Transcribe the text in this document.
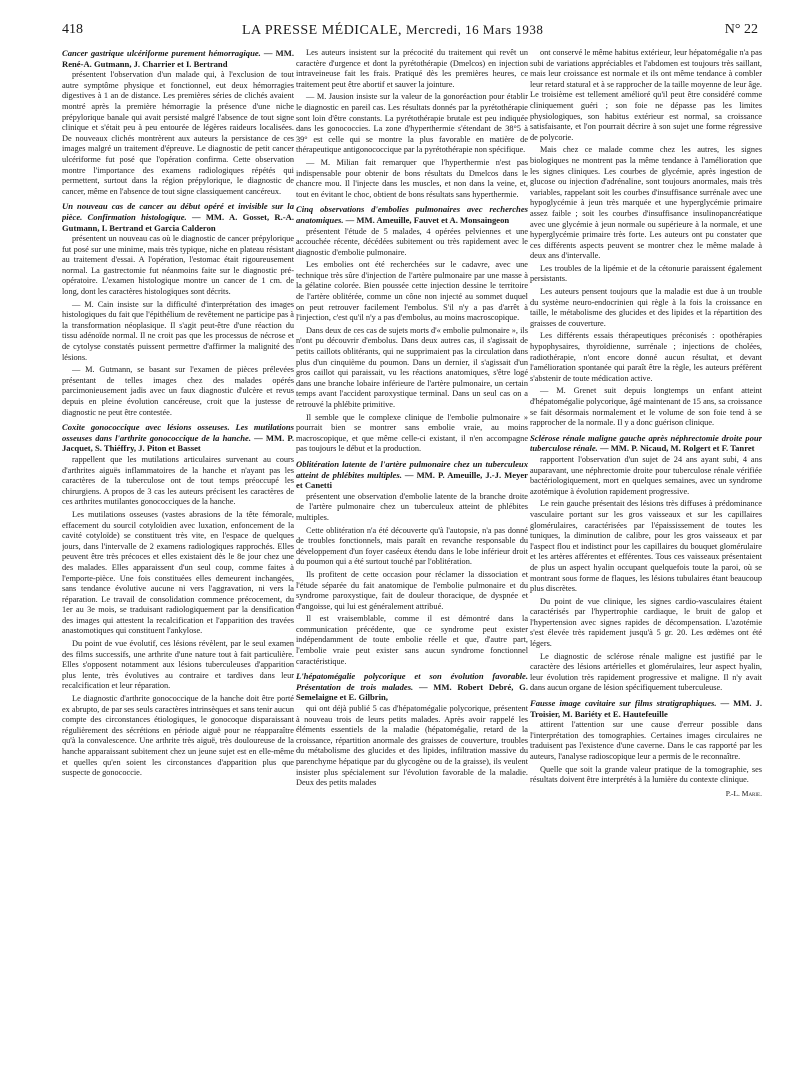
418	LA PRESSE MÉDICALE, Mercredi, 16 Mars 1938	N° 22
Cancer gastrique ulcériforme purement hémorragique. — MM. René-A. Gutmann, J. Charrier et I. Bertrand

présentent l'observation d'un malade qui, à l'exclusion de tout autre symptôme physique et fonctionnel, eut deux hémorragies digestives à 1 an de distance. Les premières séries de clichés avaient montré après la première hémorragie la présence d'une niche prépylorique banale qui avait persisté malgré l'absence de tout signe clinique et s'était peu à peu entourée de légères raideurs localisées. De nouveaux clichés montrèrent aux auteurs la persistance de ces images malgré un traitement d'épreuve. Le diagnostic de petit cancer ulcériforme fut posé que l'opération confirma. Cette observation montre l'importance des examens radiologiques répétés qui permettent, surtout dans la région prépylorique, le diagnostic de cancer, même en l'absence de tout signe classiquement cancéreux.

Un nouveau cas de cancer au début opéré et invisible sur la pièce. Confirmation histologique. — MM. A. Gosset, R.-A. Gutmann, I. Bertrand et Garcia Calderon

présentent un nouveau cas où le diagnostic de cancer prépylorique fut posé sur une minime, mais très typique, niche en plateau résistant au traitement d'essai. A l'opération, l'estomac était rigoureusement normal. La gastrectomie fut néanmoins faite sur le diagnostic pré-opératoire. L'examen histologique montre un cancer de 1 cm. de long, dont les caractères histologiques sont décrits.

— M. Cain insiste sur la difficulté d'interprétation des images histologiques du fait que l'épithélium de revêtement ne participe pas à la transformation néoplasique. Il s'agit peut-être d'une réaction du tissu adénoïde normal. Il ne croit pas que les processus de nécrose et de cytolyse constatés puissent permettre d'affirmer la malignité des lésions.

— M. Gutmann, se basant sur l'examen de pièces prélevées présentant de telles images chez des malades opérés parcimonieusement jadis avec un faux diagnostic d'ulcère et revus depuis en pleine évolution cancéreuse, croit que la justesse de diagnostic ne peut être contestée.

Coxite gonococcique avec lésions osseuses. Les mutilations osseuses dans l'arthrite gonococcique de la hanche. — MM. P. Jacquet, S. Thiéffry, J. Piton et Basset

rappellent que les mutilations articulaires survenant au cours d'arthrites aiguës inflammatoires de la hanche et n'ayant pas les caractères de la tuberculose ont de tout temps préoccupé les chirurgiens. A propos de 3 cas les auteurs précisent les caractères de ces arthrites mutilantes gonococciques de la hanche.

Les mutilations osseuses (vastes abrasions de la tête fémorale, effacement du sourcil cotyloïdien avec luxation, enfoncement de la cavité cotyloïde) se constituent très vite, en l'espace de quelques jours, dans l'intervalle de 2 examens radiologiques rapprochés. Elles peuvent être très précoces et elles existaient dès le 8e jour chez une des malades. Elles apparaissent d'un seul coup, comme faites à l'emporte-pièce. Une fois constituées elles demeurent inchangées, sans tendance évolutive aucune ni vers l'aggravation, ni vers la réparation. Le travail de consolidation commence précocement, du 1er au 3e mois, se traduisant radiologiquement par la densification des images qui attestent la recalcification et l'apparition des travées anastomotiques qui constituent l'ankylose.

Du point de vue évolutif, ces lésions révèlent, par le seul examen des films successifs, une arthrite d'une nature tout à fait particulière. Elles s'opposent notamment aux lésions tuberculeuses d'apparition plus lente, très évolutives au contraire et tardives dans leur recalcification et leur réparation.

Le diagnostic d'arthrite gonococcique de la hanche doit être porté ex abrupto, de par ses seuls caractères intrinsèques et sans tenir aucun compte des circonstances étiologiques, le gonocoque disparaissant régulièrement des sécrétions en période aiguë pour ne réapparaître qu'à la convalescence. Une arthrite très aiguë, très douloureuse de la hanche apparaissant subitement chez un jeune sujet est en elle-même et quelles qu'en soient les circonstances d'apparition plus que suspecte de gonococcie.

Les auteurs insistent sur la précocité du traitement qui revêt un caractère d'urgence et dont la pyrétothérapie (Dmelcos) en injection intraveineuse fait les frais. Pratiqué dès les premières heures, ce traitement peut être abortif et sauver la jointure.

— M. Jausion insiste sur la valeur de la gonoréaction pour établir le diagnostic en pareil cas. Les résultats donnés par la pyrétothérapie sont loin d'être constants. La pyrétothérapie brutale est peu indiquée dans les gonococcies. La zone d'hyperthermie s'étendant de 38°5 à 39° est celle qui se montre la plus favorable en matière de thérapeutique antigonococcique par la pyrétothérapie non spécifique.

— M. Milian fait remarquer que l'hyperthermie n'est pas indispensable pour obtenir de bons résultats du Dmelcos dans le chancre mou. Il l'injecte dans les muscles, et non dans la veine, et, tout en évitant le choc, obtient de bons résultats sans hyperthermie.

Cinq observations d'embolies pulmonaires avec recherches anatomiques. — MM. Ameuille, Fauvet et A. Monsaingeon

présentent l'étude de 5 malades, 4 opérées pelviennes et une accouchée récente, décédées subitement ou très rapidement avec le diagnostic d'embolie pulmonaire.

Les embolies ont été recherchées sur le cadavre, avec une technique très sûre d'injection de l'artère pulmonaire par une masse à la gélatine colorée. Bien poussée cette injection dessine le territoire de l'artère oblitérée, comme un cône non injecté au sommet duquel on peut retrouver facilement l'embolus. S'il n'y a pas d'arrêt à l'injection, c'est qu'il n'y a pas d'embolus, au moins macroscopique.

Dans deux de ces cas de sujets morts d'« embolie pulmonaire », ils n'ont pu découvrir d'embolus. Dans deux autres cas, il s'agissait de petits caillots oblitérants, qui ne supprimaient pas la circulation dans plus d'un cinquième du poumon. Dans un dernier, il s'agissait d'un gros caillot qui paraissait, vu les réactions anatomiques, s'être logé dans une branche lobaire inférieure de l'artère pulmonaire, un certain temps avant l'accident paroxystique terminal. Dans un seul cas on a retrouvé la phlébite primitive.

Il semble que le complexe clinique de l'embolie pulmonaire » pourrait bien se montrer sans embolie vraie, au moins macroscopique, et que même celle-ci existant, il n'en accompagne pas toujours le début et la production.

Oblitération latente de l'artère pulmonaire chez un tuberculeux atteint de phlébites multiples. — MM. P. Ameuille, J.-J. Meyer et Canetti

présentent une observation d'embolie latente de la branche droite de l'artère pulmonaire chez un tuberculeux atteint de phlébites multiples.

Cette oblitération n'a été découverte qu'à l'autopsie, n'a pas donné de troubles fonctionnels, mais paraît en revanche responsable du développement d'un foyer caséeux étendu dans le lobe inférieur droit du poumon qui a été surtout touché par l'oblitération.

Ils profitent de cette occasion pour réclamer la dissociation et l'étude séparée du fait anatomique de l'embolie pulmonaire et du syndrome paroxystique, fait de douleur thoracique, de dyspnée et d'angoisse, qui lui est généralement attribué.

Il est vraisemblable, comme il est démontré dans la communication précédente, que ce syndrome peut exister indépendamment de toute embolie réelle et que, d'autre part, l'embolie vraie peut exister sans aucun syndrome fonctionnel caractéristique.

L'hépatomégalie polycorique et son évolution favorable. Présentation de trois malades. — MM. Robert Debré, G. Semelaigne et E. Gilbrin,

qui ont déjà publié 5 cas d'hépatomégalie polycorique, présentent à nouveau trois de leurs petits malades. Après avoir rappelé les éléments essentiels de la maladie (hépatomégalie, retard de la croissance, répartition anormale des graisses de couverture, troubles du métabolisme des glucides et des lipides, infiltration massive du parenchyme hépatique par du glycogène ou de la graisse), ils veulent insister plus spécialement sur l'évolution favorable de la maladie. Deux des petits malades

ont conservé le même habitus extérieur, leur hépatomégalie n'a pas subi de variations appréciables et l'abdomen est toujours très saillant, mais leur croissance est normale et ils ont même tendance à combler leur retard statural et à se rapprocher de la taille moyenne de leur âge. Le troisième est tellement amélioré qu'il peut être considéré comme cliniquement guéri ; son foie ne dépasse pas les limites physiologiques, son habitus extérieur est normal, sa croissance satisfaisante, et l'on pourrait décrire à son sujet une forme régressive de polycorie.

Mais chez ce malade comme chez les autres, les signes biologiques ne montrent pas la même tendance à l'amélioration que les signes cliniques. Les courbes de glycémie, après ingestion de glucose ou injection d'adrénaline, sont toujours anormales, mais très variables, rappelant soit les courbes d'insuffisance surrénale avec une hypoglycémie à jeun très marquée et une hyperglycémie primaire assez faible ; soit les courbes d'insuffisance insulinopancréatique avec une glycémie à jeun normale ou supérieure à la normale, et une hyperglycémie primaire très forte. Les auteurs ont pu constater que ces différents aspects peuvent se montrer chez le même malade à deux ans d'intervalle.

Les troubles de la lipémie et de la cétonurie paraissent également persistants.

Les auteurs pensent toujours que la maladie est due à un trouble du système neuro-endocrinien qui règle à la fois la croissance en taille, le métabolisme des glucides et des lipides et la répartition des graisses de couverture.

Les différents essais thérapeutiques préconisés : opothérapies hypophysaires, thyroïdienne, surrénale ; injections de cholées, radiothérapie, n'ont encore donné aucun résultat, et devant l'amélioration spontanée qui paraît être la règle, les auteurs préfèrent s'abstenir de toute médication active.

— M. Grenet suit depuis longtemps un enfant atteint d'hépatomégalie polycorique, âgé maintenant de 15 ans, sa croissance se fait désormais normalement et le volume de son foie tend à se rapprocher de la normale. Il y a donc guérison clinique.

Sclérose rénale maligne gauche après néphrectomie droite pour tuberculose rénale. — MM. P. Nicaud, M. Rolgert et F. Tanret

rapportent l'observation d'un sujet de 24 ans ayant subi, 4 ans auparavant, une néphrectomie droite pour tuberculose rénale vérifiée bactériologiquement, mort en quelques semaines, avec un syndrome azotémique à évolution rapidement progressive.

Le rein gauche présentait des lésions très diffuses à prédominance vasculaire portant sur les gros vaisseaux et sur les capillaires glomérulaires, caractérisées par l'épaississement de toutes les tuniques, la diminution de calibre, pour les gros vaisseaux et par l'aspect flou et indistinct pour les capillaires du bouquet glomérulaire et les artères afférentes et efférentes. Tous ces vaisseaux présentaient de plus un aspect hyalin occupant quelquefois toute la paroi, où se montrant sous forme de flaques, les lésions tubulaires étant beaucoup plus discrètes.

Du point de vue clinique, les signes cardio-vasculaires étaient caractérisés par l'hypertrophie cardiaque, le bruit de galop et l'hypertension avec signes rapides de décompensation. L'azotémie s'est élevée très rapidement jusqu'à 5 gr. 20. Les œdèmes ont été légers.

Le diagnostic de sclérose rénale maligne est justifié par le caractère des lésions artérielles et glomérulaires, leur aspect hyalin, leur évolution très rapidement progressive et maligne. Il n'y avait dans aucun organe de lésion spécifiquement tuberculeuse.

Fausse image cavitaire sur films stratigraphiques. — MM. J. Troisier, M. Bariéty et E. Hautefeuille

attirent l'attention sur une cause d'erreur possible dans l'interprétation des tomographies. Certaines images circulaires ne traduisent pas l'existence d'une caverne. Dans le cas rapporté par les auteurs, l'analyse radioscopique leur a permis de le reconnaître.

Quelle que soit la grande valeur pratique de la tomographie, ses résultats doivent être interprétés à la lumière du contexte clinique.

P.-L. Marie.
